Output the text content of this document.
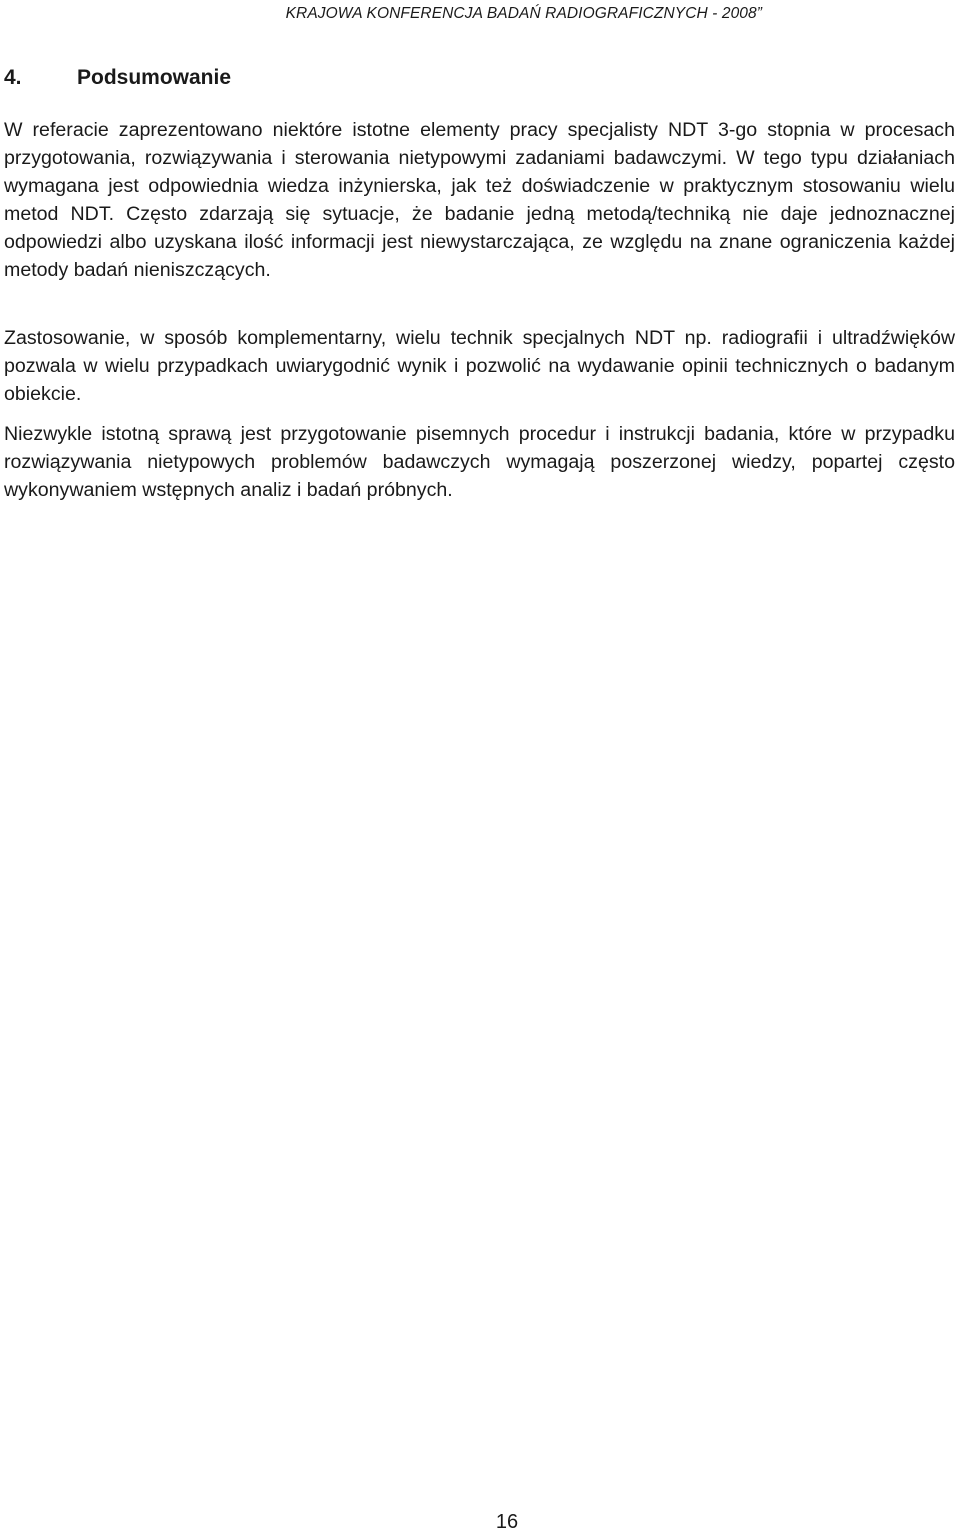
KRAJOWA KONFERENCJA BADAŃ RADIOGRAFICZNYCH - 2008”
4.	Podsumowanie

W referacie zaprezentowano niektóre istotne elementy pracy specjalisty NDT 3-go stopnia w procesach przygotowania, rozwiązywania i sterowania nietypowymi zadaniami badawczymi. W tego typu działaniach wymagana jest odpowiednia wiedza inżynierska, jak też doświadczenie w praktycznym stosowaniu wielu metod NDT. Często zdarzają się sytuacje, że badanie jedną metodą/techniką nie daje jednoznacznej odpowiedzi albo uzyskana ilość informacji jest niewystarczająca, ze względu na znane ograniczenia każdej metody badań nieniszczących.

Zastosowanie, w sposób komplementarny, wielu technik specjalnych NDT np. radiografii i ultradźwięków pozwala w wielu przypadkach uwiarygodnić wynik i pozwolić na wydawanie opinii technicznych o badanym obiekcie.

Niezwykle istotną sprawą jest przygotowanie pisemnych procedur i instrukcji badania, które w przypadku rozwiązywania nietypowych problemów badawczych wymagają poszerzonej wiedzy, popartej często wykonywaniem wstępnych analiz i badań próbnych.

16
